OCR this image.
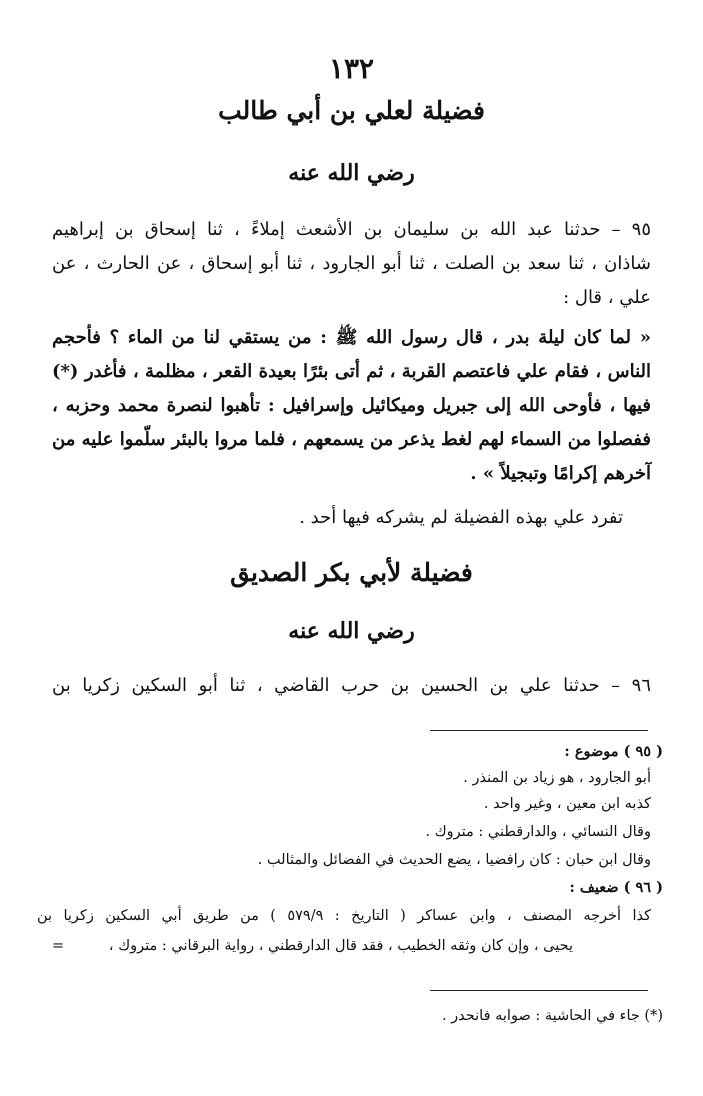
١٣٢
فضيلة لعلي بن أبي طالب
رضي الله عنه
٩٥ – حدثنا عبد الله بن سليمان بن الأشعث إملاءً ، ثنا إسحاق بن إبراهيم
شاذان ، ثنا سعد بن الصلت ، ثنا أبو الجارود ، ثنا أبو إسحاق ، عن الحارث ، عن
علي ، قال :
« لما كان ليلة بدر ، قال رسول الله ﷺ : من يستقي لنا من الماء ؟ فأحجم
الناس ، فقام علي فاعتصم القربة ، ثم أتى بئرًا بعيدة القعر ، مظلمة ، فأغدر (*)
فيها ، فأوحى الله إلى جبريل وميكائيل وإسرافيل : تأهبوا لنصرة محمد وحزبه ،
ففصلوا من السماء لهم لغط يذعر من يسمعهم ، فلما مروا بالبئر سلّموا عليه من
آخرهم إكرامًا وتبجيلاً » .
تفرد علي بهذه الفضيلة لم يشركه فيها أحد .
فضيلة لأبي بكر الصديق
رضي الله عنه
٩٦ – حدثنا علي بن الحسين بن حرب القاضي ، ثنا أبو السكين زكريا بن
( ٩٥ ) موضوع :
أبو الجارود ، هو زياد بن المنذر .
كذبه ابن معين ، وغير واحد .
وقال النسائي ، والدارقطني : متروك .
وقال ابن حبان : كان رافضيا ، يضع الحديث في الفضائل والمثالب .
( ٩٦ ) ضعيف :
كذا أخرجه المصنف ، وابن عساكر ( التاريخ : ٥٧٩/٩ ) من طريق أبي السكين زكريا بن
يحيى ، وإن كان وثقه الخطيب ، فقد قال الدارقطني ، رواية البرقاني : متروك ،
=
(*) جاء في الحاشية : صوابه فانحدر .
